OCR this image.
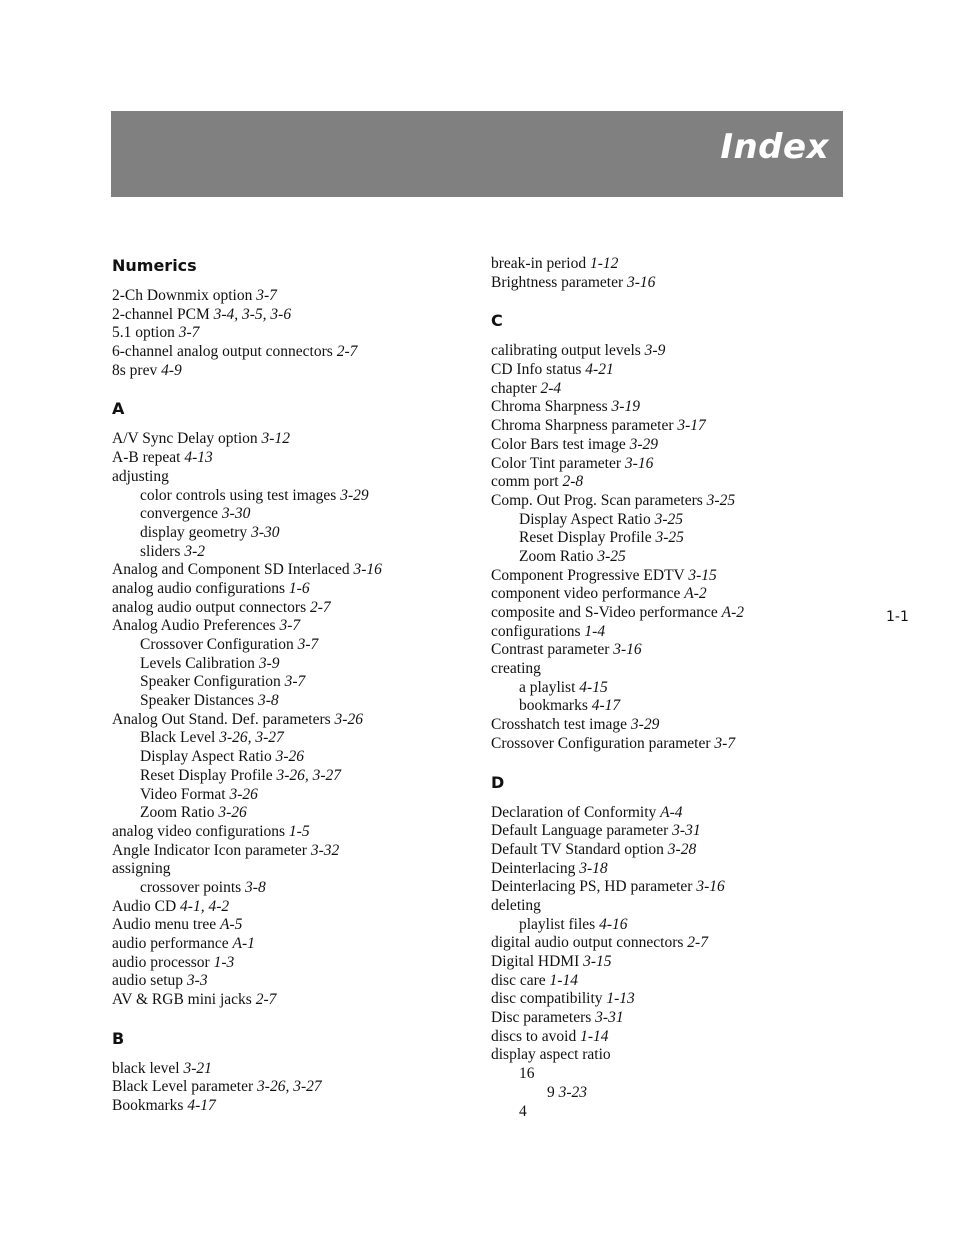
Index
Numerics
2-Ch Downmix option 3-7
2-channel PCM 3-4, 3-5, 3-6
5.1 option 3-7
6-channel analog output connectors 2-7
8s prev 4-9
A
A/V Sync Delay option 3-12
A-B repeat 4-13
adjusting
color controls using test images 3-29
convergence 3-30
display geometry 3-30
sliders 3-2
Analog and Component SD Interlaced 3-16
analog audio configurations 1-6
analog audio output connectors 2-7
Analog Audio Preferences 3-7
Crossover Configuration 3-7
Levels Calibration 3-9
Speaker Configuration 3-7
Speaker Distances 3-8
Analog Out Stand. Def. parameters 3-26
Black Level 3-26, 3-27
Display Aspect Ratio 3-26
Reset Display Profile 3-26, 3-27
Video Format 3-26
Zoom Ratio 3-26
analog video configurations 1-5
Angle Indicator Icon parameter 3-32
assigning
crossover points 3-8
Audio CD 4-1, 4-2
Audio menu tree A-5
audio performance A-1
audio processor 1-3
audio setup 3-3
AV & RGB mini jacks 2-7
B
black level 3-21
Black Level parameter 3-26, 3-27
Bookmarks 4-17
break-in period 1-12
Brightness parameter 3-16
C
calibrating output levels 3-9
CD Info status 4-21
chapter 2-4
Chroma Sharpness 3-19
Chroma Sharpness parameter 3-17
Color Bars test image 3-29
Color Tint parameter 3-16
comm port 2-8
Comp. Out Prog. Scan parameters 3-25
Display Aspect Ratio 3-25
Reset Display Profile 3-25
Zoom Ratio 3-25
Component Progressive EDTV 3-15
component video performance A-2
composite and S-Video performance A-2
configurations 1-4
Contrast parameter 3-16
creating
a playlist 4-15
bookmarks 4-17
Crosshatch test image 3-29
Crossover Configuration parameter 3-7
D
Declaration of Conformity A-4
Default Language parameter 3-31
Default TV Standard option 3-28
Deinterlacing 3-18
Deinterlacing PS, HD parameter 3-16
deleting
playlist files 4-16
digital audio output connectors 2-7
Digital HDMI 3-15
disc care 1-14
disc compatibility 1-13
Disc parameters 3-31
discs to avoid 1-14
display aspect ratio
16
9 3-23
4
1-1
